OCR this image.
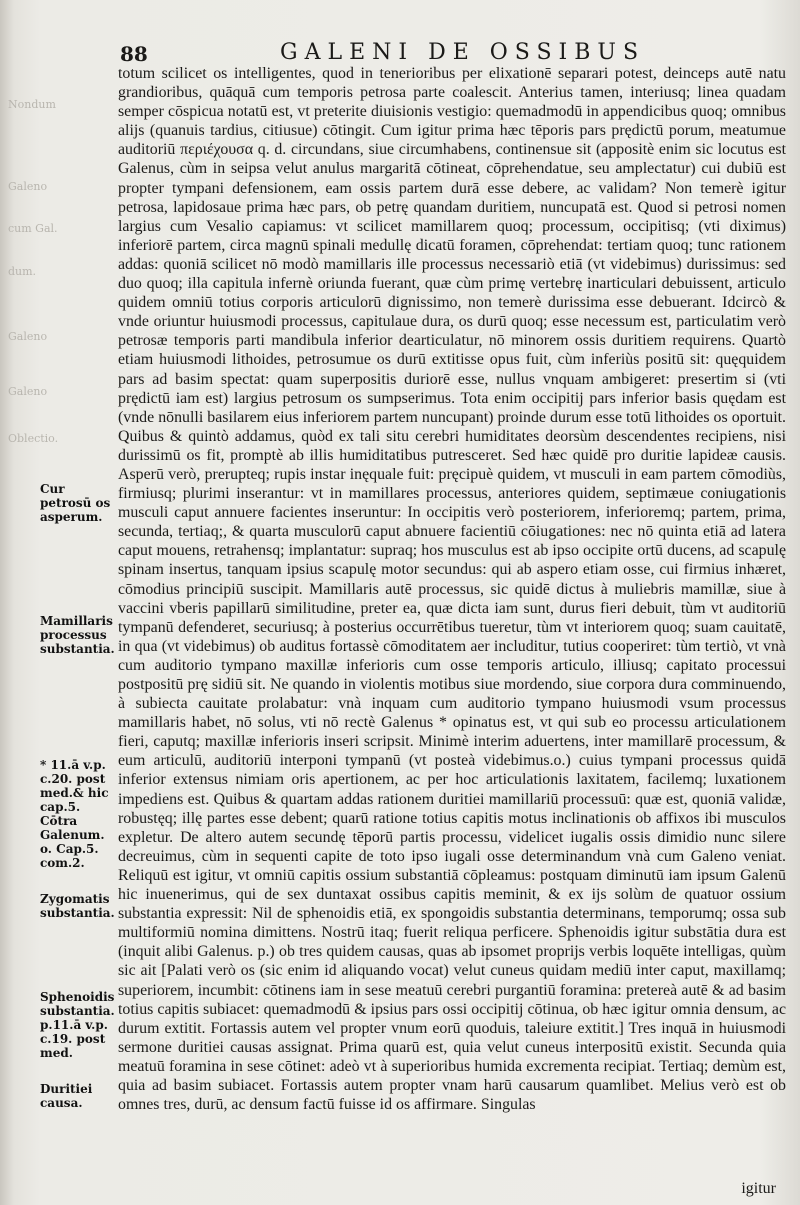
88	GALENI DE OSSIBUS
Nondum
Galeno
cum Gal.
dum.
Galeno
Galeno
Oblectio.
Cur petrosū os asperum.
Mamillaris processus substantia.
* 11.ā v.p. c.20. post med.& hic cap.5. Cōtra Galenum. o. Cap.5. com.2.
Zygomatis substantia.
Sphenoidis substantia. p.11.ā v.p. c.19. post med.
Duritiei causa.

totum scilicet os intelligentes, quod in tenerioribus per elixationē separari potest, deinceps autē natu grandioribus, quāquā cum temporis petrosa parte coalescit. Anterius tamen, interiusq; linea quadam semper cōspicua notatū est, vt preterite diuisionis vestigio: quemadmodū in appendicibus quoq; omnibus alijs (quanuis tardius, citiusue) cōtingit. Cum igitur prima hæc tēporis pars prędictū porum, meatumue auditoriū περιέχουσα q. d. circundans, siue circumhabens, continensue sit (appositè enim sic locutus est Galenus, cùm in seipsa velut anulus margaritā cōtineat, cōprehendatue, seu amplectatur) cui dubiū est propter tympani defensionem, eam ossis partem durā esse debere, ac validam? Non temerè igitur petrosa, lapidosaue prima hæc pars, ob petrę quandam duritiem, nuncupatā est. Quod si petrosi nomen largius cum Vesalio capiamus: vt scilicet mamillarem quoq; processum, occipitisq; (vti diximus) inferiorē partem, circa magnū spinali medullę dicatū foramen, cōprehendat: tertiam quoq; tunc rationem addas: quoniā scilicet nō modò mamillaris ille processus necessariò etiā (vt videbimus) durissimus: sed duo quoq; illa capitula infernè oriunda fuerant, quæ cùm primę vertebrę inarticulari debuissent, articulo quidem omniū totius corporis articulorū dignissimo, non temerè durissima esse debuerant. Idcircò & vnde oriuntur huiusmodi processus, capitulaue dura, os durū quoq; esse necessum est, particulatim verò petrosæ temporis parti mandibula inferior dearticulatur, nō minorem ossis duritiem requirens. Quartò etiam huiusmodi lithoides, petrosumue os durū extitisse opus fuit, cùm inferiùs positū sit: quęquidem pars ad basim spectat: quam superpositis duriorē esse, nullus vnquam ambigeret: presertim si (vti prędictū iam est) largius petrosum os sumpserimus. Tota enim occipitij pars inferior basis quędam est (vnde nōnulli basilarem eius inferiorem partem nuncupant) proinde durum esse totū lithoides os oportuit. Quibus & quintò addamus, quòd ex tali situ cerebri humiditates deorsùm descendentes recipiens, nisi durissimū os fit, promptè ab illis humiditatibus putresceret. Sed hæc quidē pro duritie lapideæ causis. Asperū verò, prerupteq; rupis instar inęquale fuit: pręcipuè quidem, vt musculi in eam partem cōmodiùs, firmiusq; plurimi inserantur: vt in mamillares processus, anteriores quidem, septimæue coniugationis musculi caput annuere facientes inseruntur: In occipitis verò posteriorem, inferioremq; partem, prima, secunda, tertiaq;, & quarta musculorū caput abnuere facientiū cōiugationes: nec nō quinta etiā ad latera caput mouens, retrahensq; implantatur: supraq; hos musculus est ab ipso occipite ortū ducens, ad scapulę spinam insertus, tanquam ipsius scapulę motor secundus: qui ab aspero etiam osse, cui firmius inhæret, cōmodius principiū suscipit. Mamillaris autē processus, sic quidē dictus à muliebris mamillæ, siue à vaccini vberis papillarū similitudine, preter ea, quæ dicta iam sunt, durus fieri debuit, tùm vt auditoriū tympanū defenderet, securiusq; à posterius occurrētibus tueretur, tùm vt interiorem quoq; suam cauitatē, in qua (vt videbimus) ob auditus fortassè cōmoditatem aer includitur, tutius cooperiret: tùm tertiò, vt vnà cum auditorio tympano maxillæ inferioris cum osse temporis articulo, illiusq; capitato processui postpositū prę sidiū sit. Ne quando in violentis motibus siue mordendo, siue corpora dura comminuendo, à subiecta cauitate prolabatur: vnà inquam cum auditorio tympano huiusmodi vsum processus mamillaris habet, nō solus, vti nō rectè Galenus * opinatus est, vt qui sub eo processu articulationem fieri, caputq; maxillæ inferioris inseri scripsit. Minimè interim aduertens, inter mamillarē processum, & eum articulū, auditoriū interponi tympanū (vt posteà videbimus.o.) cuius tympani processus quidā inferior extensus nimiam oris apertionem, ac per hoc articulationis laxitatem, facilemq; luxationem impediens est. Quibus & quartam addas rationem duritiei mamillariū processuū: quæ est, quoniā validæ, robustęq; illę partes esse debent; quarū ratione totius capitis motus inclinationis ob affixos ibi musculos expletur. De altero autem secundę tēporū partis processu, videlicet iugalis ossis dimidio nunc silere decreuimus, cùm in sequenti capite de toto ipso iugali osse determinandum vnà cum Galeno veniat. Reliquū est igitur, vt omniū capitis ossium substantiā cōpleamus: postquam diminutū iam ipsum Galenū hic inuenerimus, qui de sex duntaxat ossibus capitis meminit, & ex ijs solùm de quatuor ossium substantia expressit: Nil de sphenoidis etiā, ex spongoidis substantia determinans, temporumq; ossa sub multiformiū nomina dimittens. Nostrū itaq; fuerit reliqua perficere. Sphenoidis igitur substātia dura est (inquit alibi Galenus. p.) ob tres quidem causas, quas ab ipsomet proprijs verbis loquēte intelligas, quùm sic ait [Palati verò os (sic enim id aliquando vocat) velut cuneus quidam mediū inter caput, maxillamq; superiorem, incumbit: cōtinens iam in sese meatuū cerebri purgantiū foramina: pretereà autē & ad basim totius capitis subiacet: quemadmodū & ipsius pars ossi occipitij cōtinua, ob hæc igitur omnia densum, ac durum extitit. Fortassis autem vel propter vnum eorū quoduis, taleiure extitit.] Tres inquā in huiusmodi sermone duritiei causas assignat. Prima quarū est, quia velut cuneus interpositū existit. Secunda quia meatuū foramina in sese cōtinet: adeò vt à superioribus humida excrementa recipiat. Tertiaq; demùm est, quia ad basim subiacet. Fortassis autem propter vnam harū causarum quamlibet. Melius verò est ob omnes tres, durū, ac densum factū fuisse id os affirmare. Singulas

igitur
